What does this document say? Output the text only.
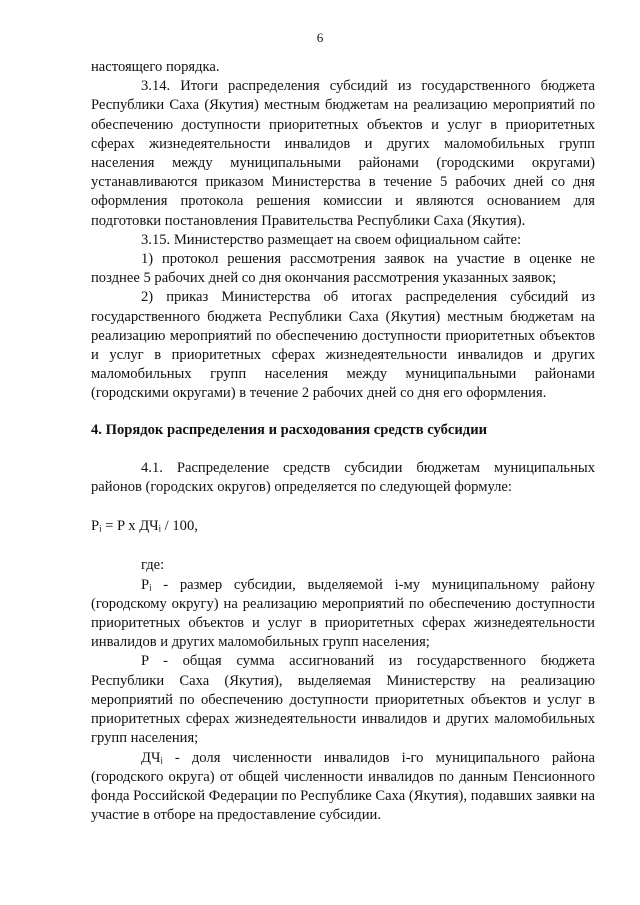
6

настоящего порядка.

3.14. Итоги распределения субсидий из государственного бюджета Республики Саха (Якутия) местным бюджетам на реализацию мероприятий по обеспечению доступности приоритетных объектов и услуг в приоритетных сферах жизнедеятельности инвалидов и других маломобильных групп населения между муниципальными районами (городскими округами) устанавливаются приказом Министерства в течение 5 рабочих дней со дня оформления протокола решения комиссии и являются основанием для подготовки постановления Правительства Республики Саха (Якутия).

3.15. Министерство размещает на своем официальном сайте:

1) протокол решения рассмотрения заявок на участие в оценке не позднее 5 рабочих дней со дня окончания рассмотрения указанных заявок;

2) приказ Министерства об итогах распределения субсидий из государственного бюджета Республики Саха (Якутия) местным бюджетам на реализацию мероприятий по обеспечению доступности приоритетных объектов и услуг в приоритетных сферах жизнедеятельности инвалидов и других маломобильных групп населения между муниципальными районами (городскими округами) в течение 2 рабочих дней со дня его оформления.

4. Порядок распределения и расходования средств субсидии

4.1. Распределение средств субсидии бюджетам муниципальных районов (городских округов) определяется по следующей формуле:

Pᵢ = P x ДЧᵢ / 100,

где:

Pᵢ - размер субсидии, выделяемой i-му муниципальному району (городскому округу) на реализацию мероприятий по обеспечению доступности приоритетных объектов и услуг в приоритетных сферах жизнедеятельности инвалидов и других маломобильных групп населения;

P - общая сумма ассигнований из государственного бюджета Республики Саха (Якутия), выделяемая Министерству на реализацию мероприятий по обеспечению доступности приоритетных объектов и услуг в приоритетных сферах жизнедеятельности инвалидов и других маломобильных групп населения;

ДЧᵢ - доля численности инвалидов i-го муниципального района (городского округа) от общей численности инвалидов по данным Пенсионного фонда Российской Федерации по Республике Саха (Якутия), подавших заявки на участие в отборе на предоставление субсидии.
